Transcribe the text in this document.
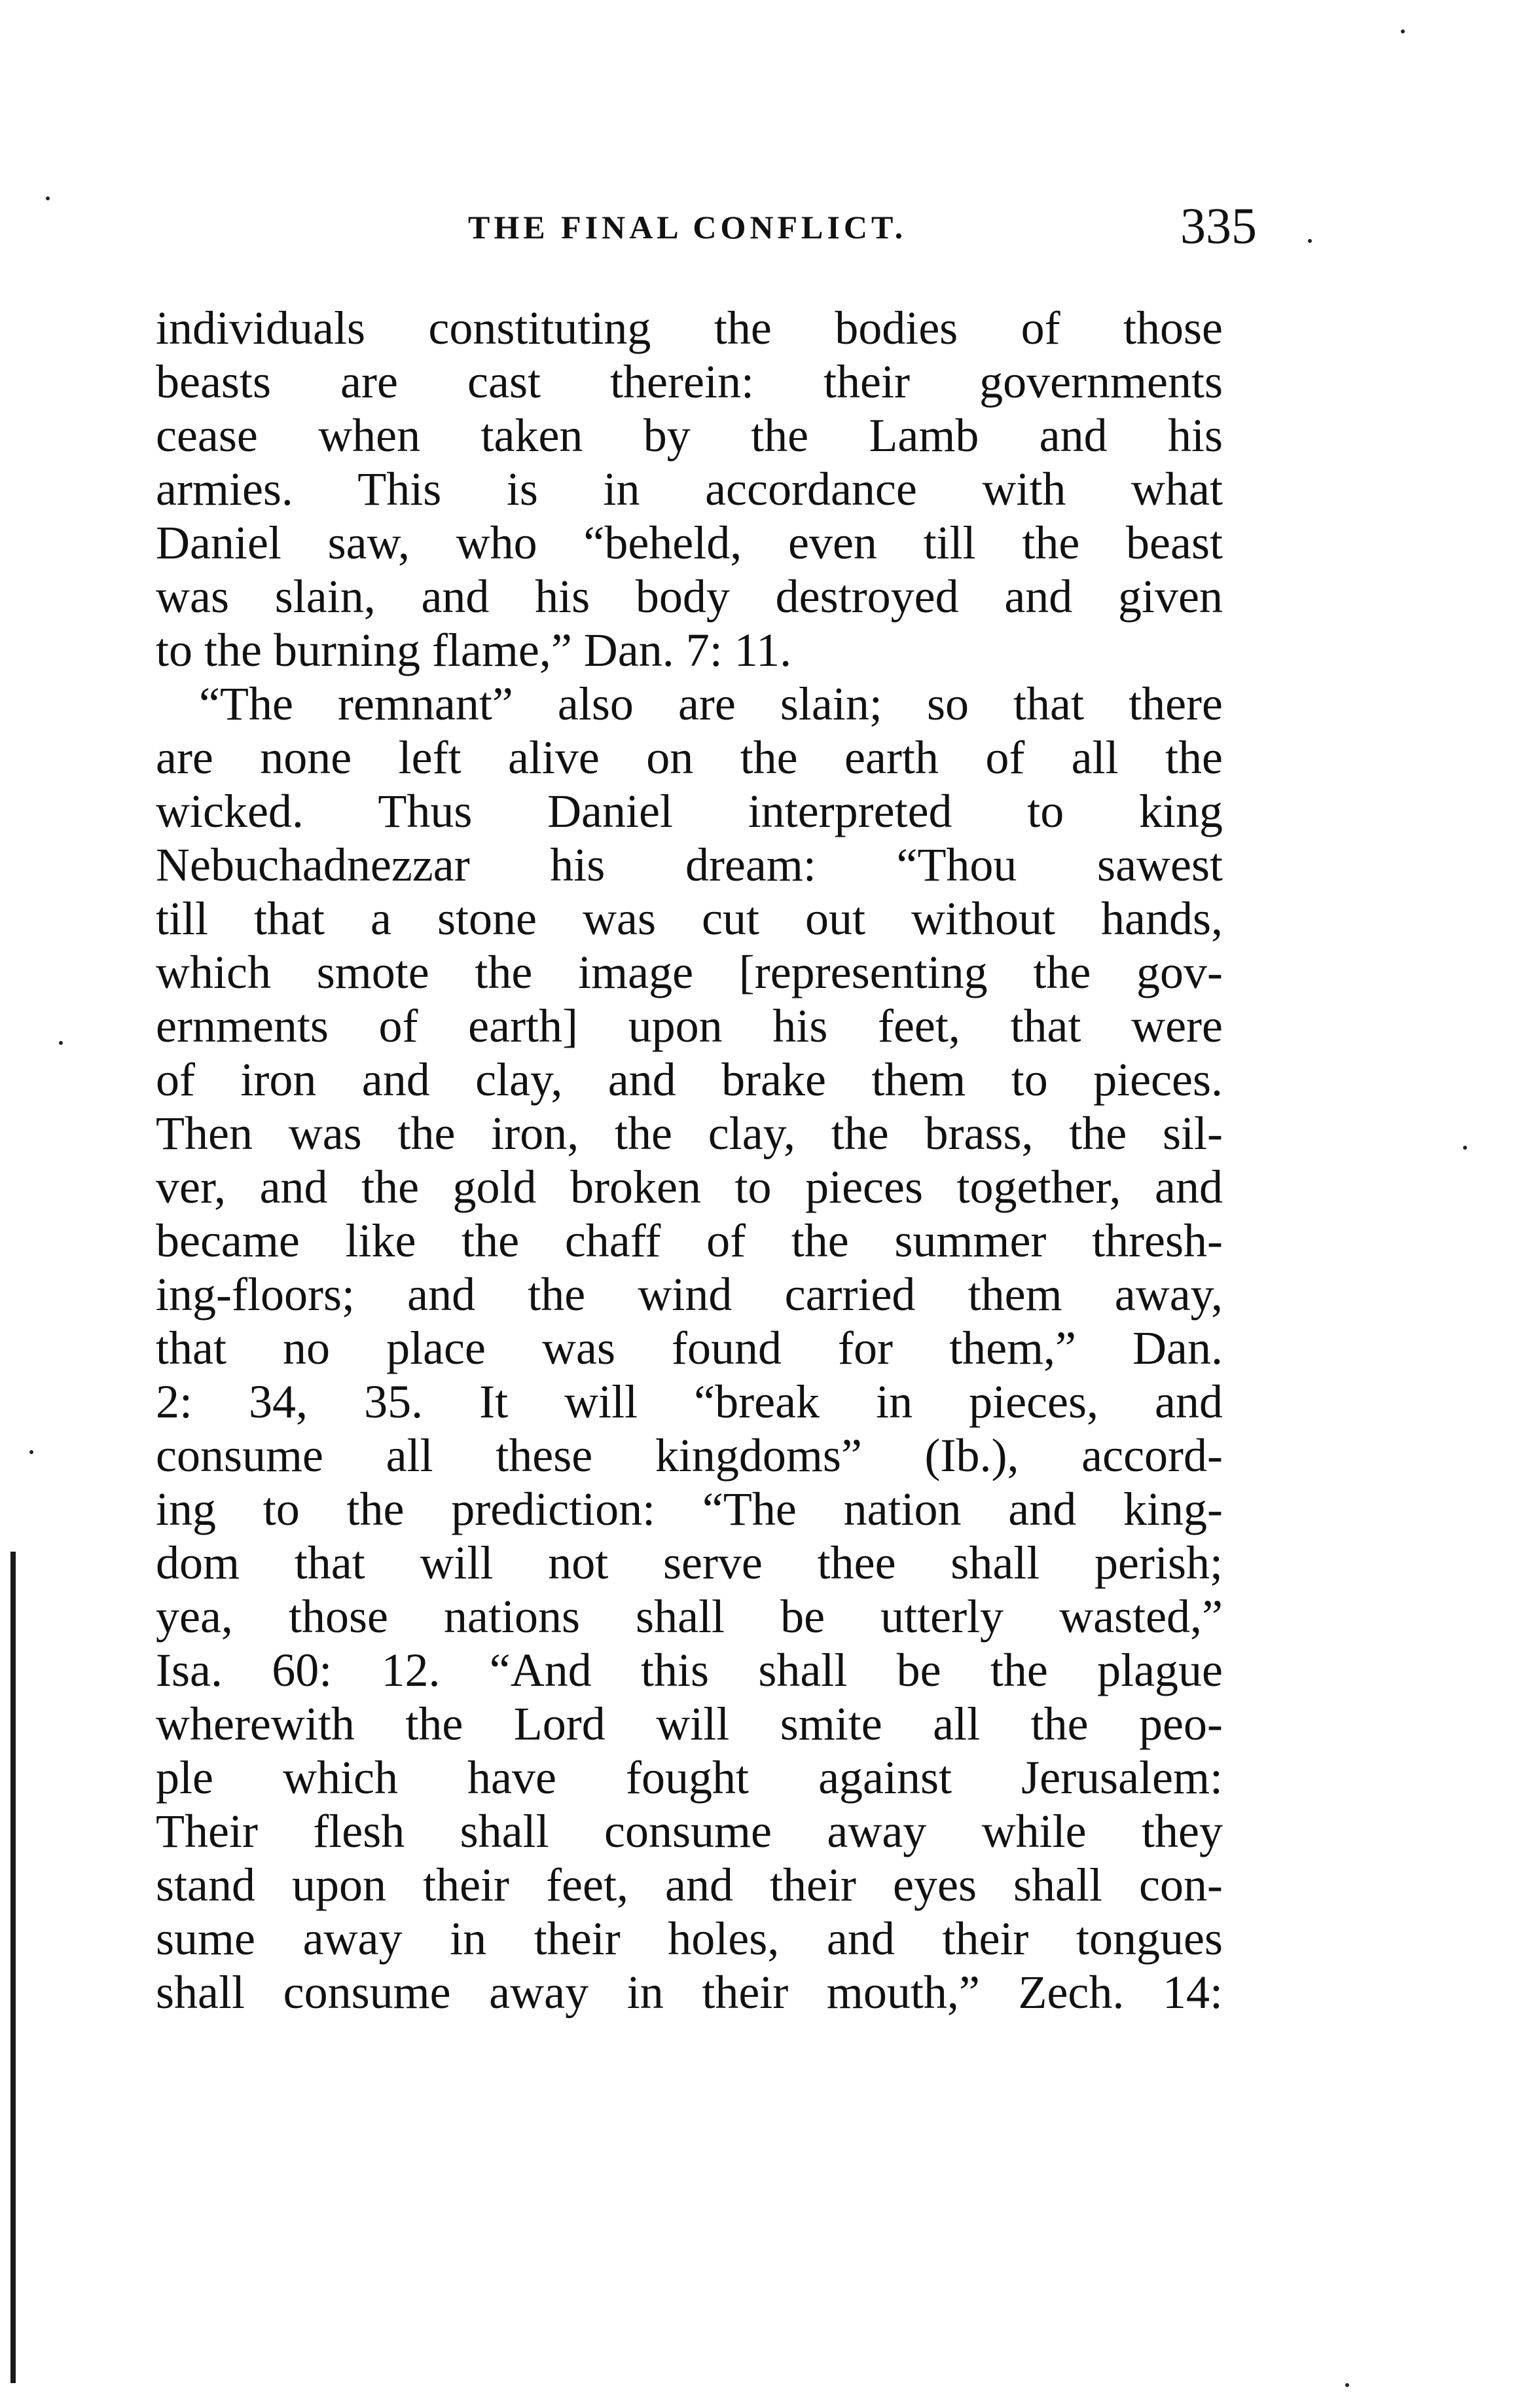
THE FINAL CONFLICT.	335
individuals constituting the bodies of those
beasts are cast therein: their governments
cease when taken by the Lamb and his
armies. This is in accordance with what
Daniel saw, who “beheld, even till the beast
was slain, and his body destroyed and given
to the burning flame,” Dan. 7: 11.
“The remnant” also are slain; so that there
are none left alive on the earth of all the
wicked. Thus Daniel interpreted to king
Nebuchadnezzar his dream: “Thou sawest
till that a stone was cut out without hands,
which smote the image [representing the gov-
ernments of earth] upon his feet, that were
of iron and clay, and brake them to pieces.
Then was the iron, the clay, the brass, the sil-
ver, and the gold broken to pieces together, and
became like the chaff of the summer thresh-
ing-floors; and the wind carried them away,
that no place was found for them,” Dan.
2: 34, 35. It will “break in pieces, and
consume all these kingdoms” (Ib.), accord-
ing to the prediction: “The nation and king-
dom that will not serve thee shall perish;
yea, those nations shall be utterly wasted,”
Isa. 60: 12. “And this shall be the plague
wherewith the Lord will smite all the peo-
ple which have fought against Jerusalem:
Their flesh shall consume away while they
stand upon their feet, and their eyes shall con-
sume away in their holes, and their tongues
shall consume away in their mouth,” Zech. 14:
